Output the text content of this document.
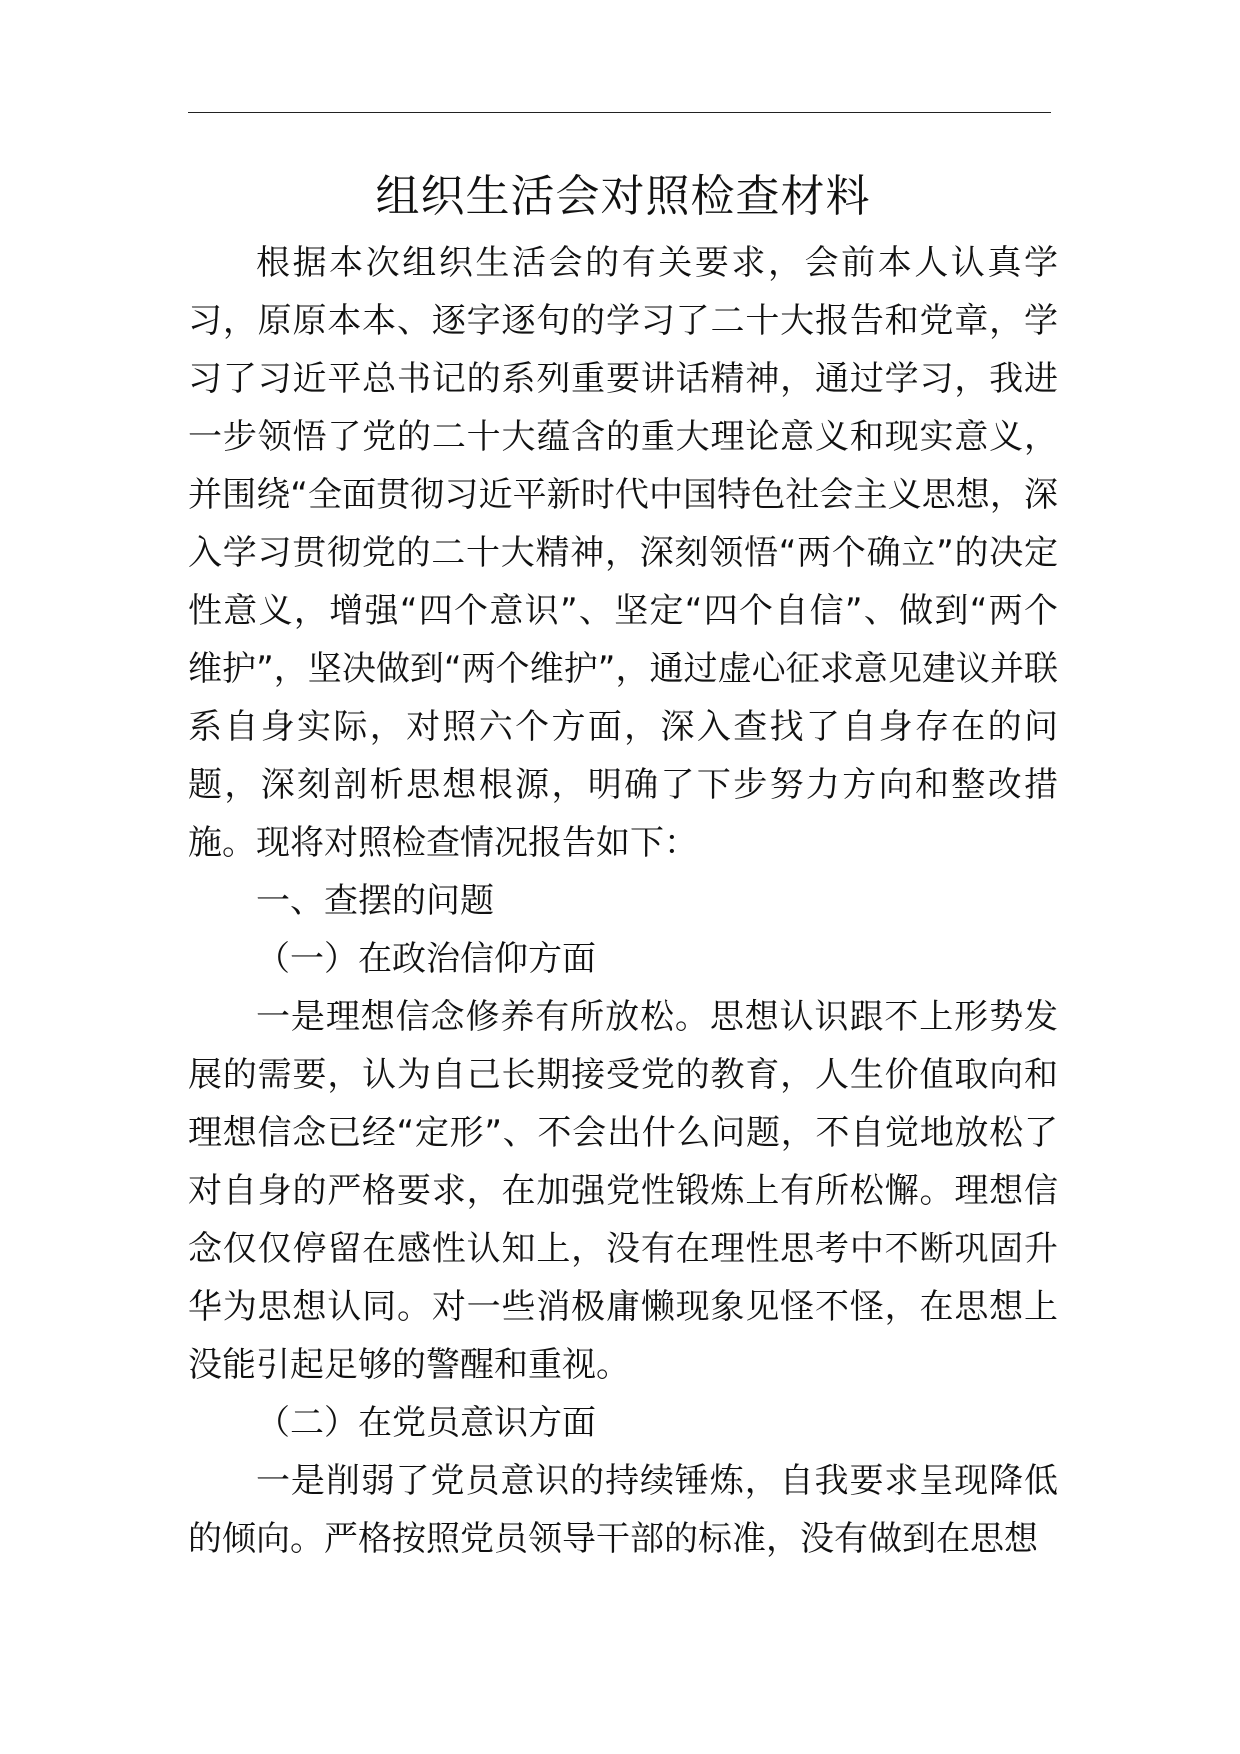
组织生活会对照检查材料

根据本次组织生活会的有关要求，会前本人认真学习，原原本本、逐字逐句的学习了二十大报告和党章，学习了习近平总书记的系列重要讲话精神，通过学习，我进一步领悟了党的二十大蕴含的重大理论意义和现实意义，并围绕“全面贯彻习近平新时代中国特色社会主义思想，深入学习贯彻党的二十大精神，深刻领悟“两个确立”的决定性意义，增强“四个意识”、坚定“四个自信”、做到“两个维护”，坚决做到“两个维护”，通过虚心征求意见建议并联系自身实际，对照六个方面，深入查找了自身存在的问题，深刻剖析思想根源，明确了下步努力方向和整改措施。现将对照检查情况报告如下：

一、查摆的问题

（一）在政治信仰方面

一是理想信念修养有所放松。思想认识跟不上形势发展的需要，认为自己长期接受党的教育，人生价值取向和理想信念已经“定形”、不会出什么问题，不自觉地放松了对自身的严格要求，在加强党性锻炼上有所松懈。理想信念仅仅停留在感性认知上，没有在理性思考中不断巩固升华为思想认同。对一些消极庸懒现象见怪不怪，在思想上没能引起足够的警醒和重视。

（二）在党员意识方面

一是削弱了党员意识的持续锤炼，自我要求呈现降低的倾向。严格按照党员领导干部的标准，没有做到在思想
